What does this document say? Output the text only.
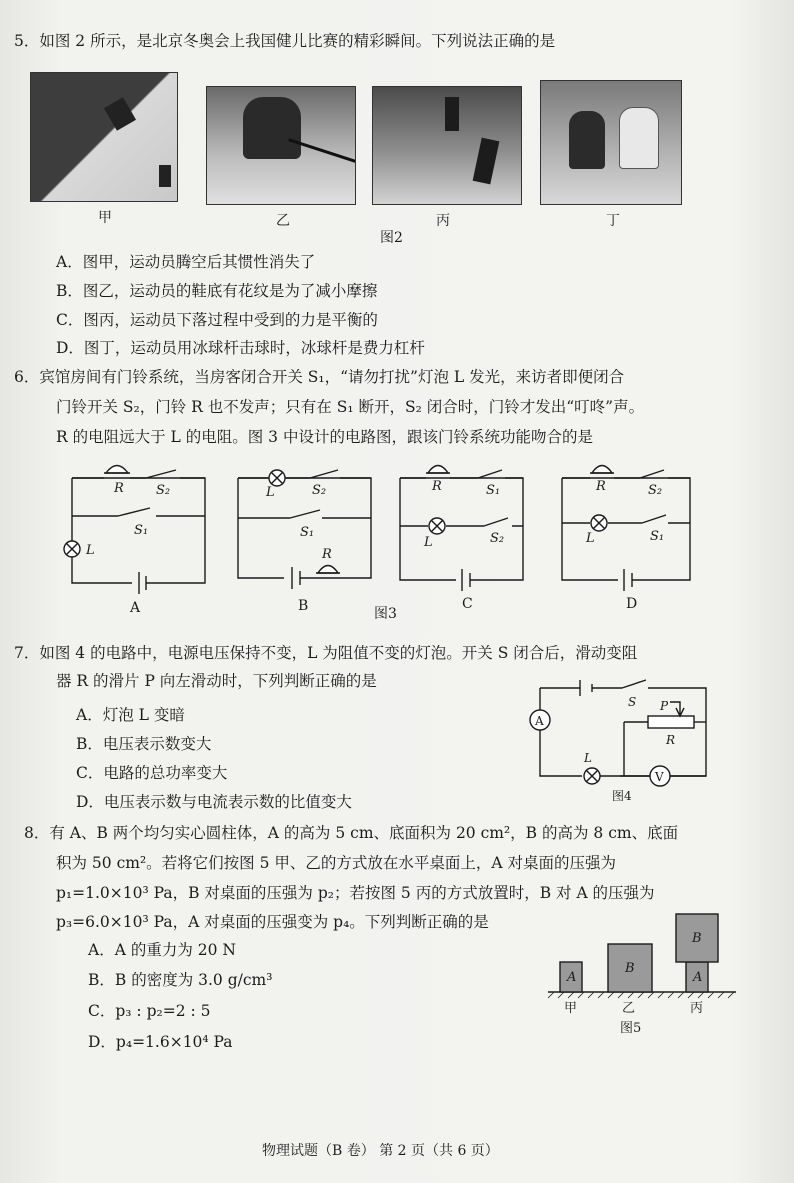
5．如图 2 所示，是北京冬奥会上我国健儿比赛的精彩瞬间。下列说法正确的是
甲	乙	丙	丁
图2
A．图甲，运动员腾空后其惯性消失了
B．图乙，运动员的鞋底有花纹是为了减小摩擦
C．图丙，运动员下落过程中受到的力是平衡的
D．图丁，运动员用冰球杆击球时，冰球杆是费力杠杆
6．宾馆房间有门铃系统，当房客闭合开关 S₁，“请勿打扰”灯泡 L 发光，来访者即便闭合
门铃开关 S₂，门铃 R 也不发声；只有在 S₁ 断开，S₂ 闭合时，门铃才发出“叮咚”声。
R 的电阻远大于 L 的电阻。图 3 中设计的电路图，跟该门铃系统功能吻合的是
R S₂
S₁
L
L	S₂
S₁
R
R	S₁
L	S₂
R	S₂
L	S₁
A	B	C	D
图3
7．如图 4 的电路中，电源电压保持不变，L 为阻值不变的灯泡。开关 S 闭合后，滑动变阻
器 R 的滑片 P 向左滑动时，下列判断正确的是
A．灯泡 L 变暗
B．电压表示数变大
C．电路的总功率变大
D．电压表示数与电流表示数的比值变大
A
V
S P
R
L
图4
8．有 A、B 两个均匀实心圆柱体，A 的高为 5 cm、底面积为 20 cm²，B 的高为 8 cm、底面
积为 50 cm²。若将它们按图 5 甲、乙的方式放在水平桌面上，A 对桌面的压强为
p₁=1.0×10³ Pa，B 对桌面的压强为 p₂；若按图 5 丙的方式放置时，B 对 A 的压强为
p₃=6.0×10³ Pa，A 对桌面的压强变为 p₄。下列判断正确的是
A．A 的重力为 20 N
B．B 的密度为 3.0 g/cm³
C．p₃ : p₂=2 : 5
D．p₄=1.6×10⁴ Pa
A
B
A
B
甲	乙	丙
图5
物理试题（B 卷） 第 2 页（共 6 页）
